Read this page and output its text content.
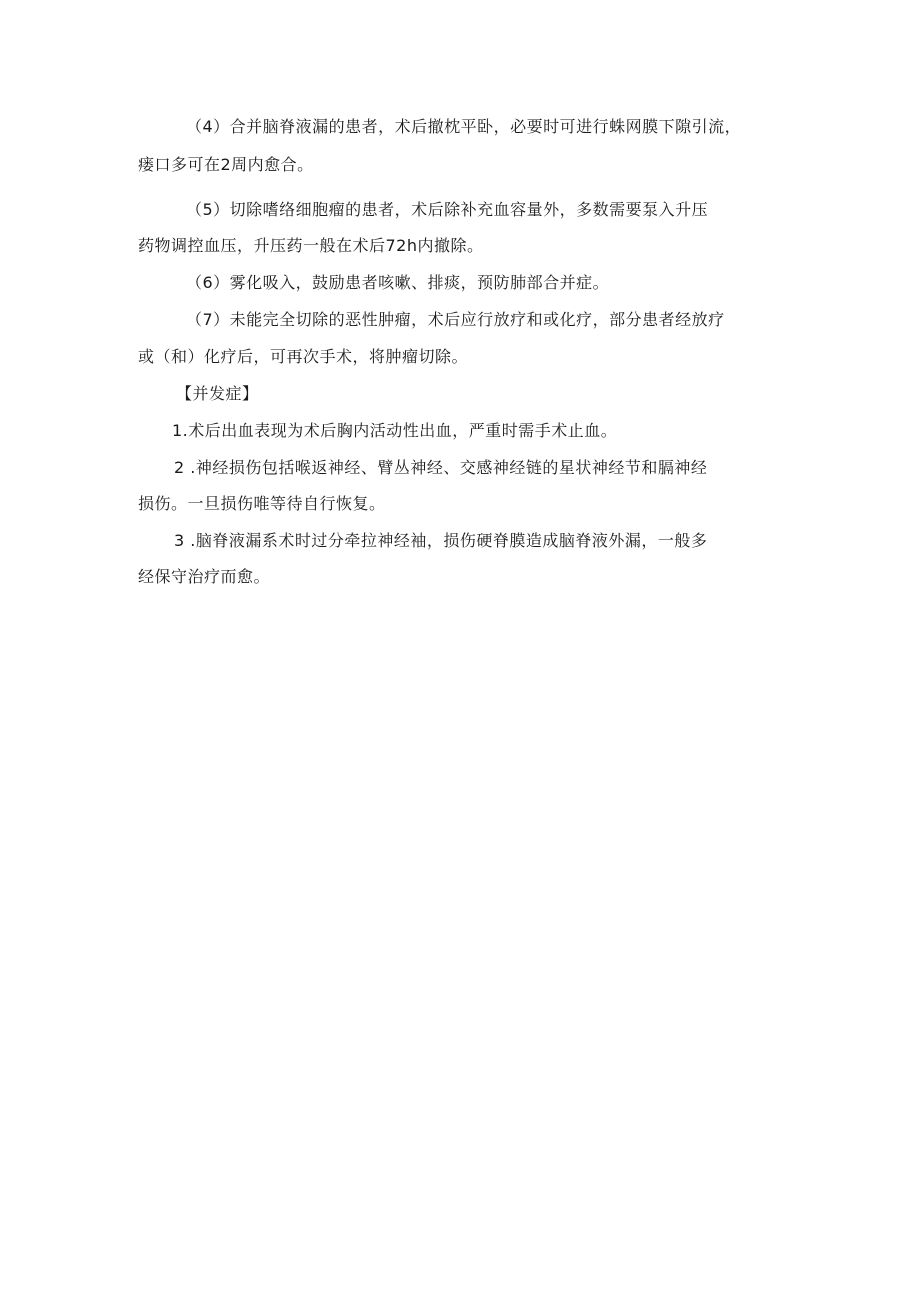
（4）合并脑脊液漏的患者，术后撤枕平卧，必要时可进行蛛网膜下隙引流，
瘘口多可在2周内愈合。
（5）切除嗜络细胞瘤的患者，术后除补充血容量外，多数需要泵入升压
药物调控血压，升压药一般在术后72h内撤除。
（6）雾化吸入，鼓励患者咳嗽、排痰，预防肺部合并症。
（7）未能完全切除的恶性肿瘤，术后应行放疗和或化疗，部分患者经放疗
或（和）化疗后，可再次手术，将肿瘤切除。
【并发症】
1.术后出血表现为术后胸内活动性出血，严重时需手术止血。
2 .神经损伤包括喉返神经、臂丛神经、交感神经链的星状神经节和膈神经
损伤。一旦损伤唯等待自行恢复。
3 .脑脊液漏系术时过分牵拉神经袖，损伤硬脊膜造成脑脊液外漏，一般多
经保守治疗而愈。
